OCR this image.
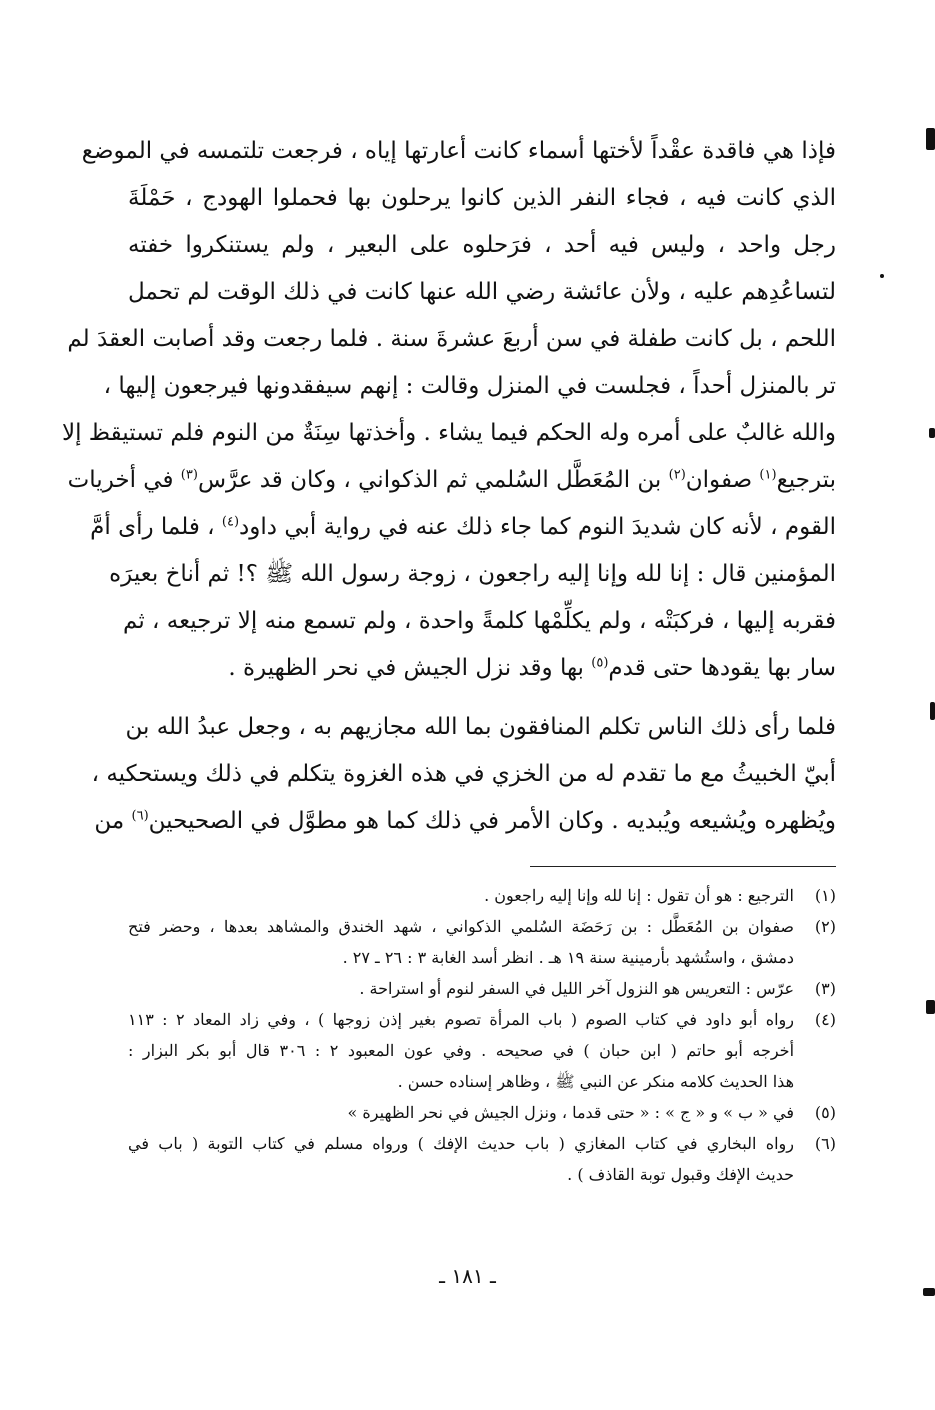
فإذا هي فاقدة عقْداً لأختها أسماء كانت أعارتها إياه ، فرجعت تلتمسه في الموضع
الذي كانت فيه ، فجاء النفر الذين كانوا يرحلون بها فحملوا الهودج ، حَمْلَةَ
رجل واحد ، وليس فيه أحد ، فرَحلوه على البعير ، ولم يستنكروا خفته
لتساعُدِهم عليه ، ولأن عائشة رضي الله عنها كانت في ذلك الوقت لم تحمل
اللحم ، بل كانت طفلة في سن أربعَ عشرةَ سنة . فلما رجعت وقد أصابت العقدَ لم
تر بالمنزل أحداً ، فجلست في المنزل وقالت : إنهم سيفقدونها فيرجعون إليها ،
والله غالبٌ على أمره وله الحكم فيما يشاء . وأخذتها سِنَةٌ من النوم فلم تستيقظ إلا
بترجيع$^{(١)}$ صفوان$^{(٢)}$ بن المُعَطَّل السُلمي ثم الذكواني ، وكان قد عرَّس$^{(٣)}$ في أخريات
القوم ، لأنه كان شديدَ النوم كما جاء ذلك عنه في رواية أبي داود$^{(٤)}$ ، فلما رأى أمَّ
المؤمنين قال : إنا لله وإنا إليه راجعون ، زوجة رسول الله ﷺ ؟! ثم أناخ بعيرَه
فقربه إليها ، فركبَتْه ، ولم يكلِّمْها كلمةً واحدة ، ولم تسمع منه إلا ترجيعه ، ثم
سار بها يقودها حتى قدم$^{(٥)}$ بها وقد نزل الجيش في نحر الظهيرة .
فلما رأى ذلك الناس تكلم المنافقون بما الله مجازيهم به ، وجعل عبدُ الله بن
أبيّ الخبيثُ مع ما تقدم له من الخزي في هذه الغزوة يتكلم في ذلك ويستحكيه ،
ويُظهره ويُشيعه ويُبديه . وكان الأمر في ذلك كما هو مطوَّل في الصحيحين$^{(٦)}$ من
(١)
الترجيع : هو أن تقول : إنا لله وإنا إليه راجعون .
(٢)
صفوان بن المُعَطَّل : بن رَحَضَة السُلمي الذكواني ، شهد الخندق والمشاهد بعدها ، وحضر فتح
دمشق ، واستُشهد بأرمينية سنة ١٩ هـ . انظر أسد الغابة ٣ : ٢٦ ـ ٢٧ .
(٣)
عرّس : التعريس هو النزول آخر الليل في السفر لنوم أو استراحة .
(٤)
رواه أبو داود في كتاب الصوم ( باب المرأة تصوم بغير إذن زوجها ) ، وفي زاد المعاد ٢ : ١١٣
أخرجه أبو حاتم ( ابن حبان ) في صحيحه . وفي عون المعبود ٢ : ٣٠٦ قال أبو بكر البزار :
هذا الحديث كلامه منكر عن النبي ﷺ ، وظاهر إسناده حسن .
(٥)
في « ب » و « ج » : « حتى قدما ، ونزل الجيش في نحر الظهيرة »
(٦)
رواه البخاري في كتاب المغازي ( باب حديث الإفك ) ورواه مسلم في كتاب التوبة ( باب في
حديث الإفك وقبول توبة القاذف ) .
ـ ١٨١ ـ
